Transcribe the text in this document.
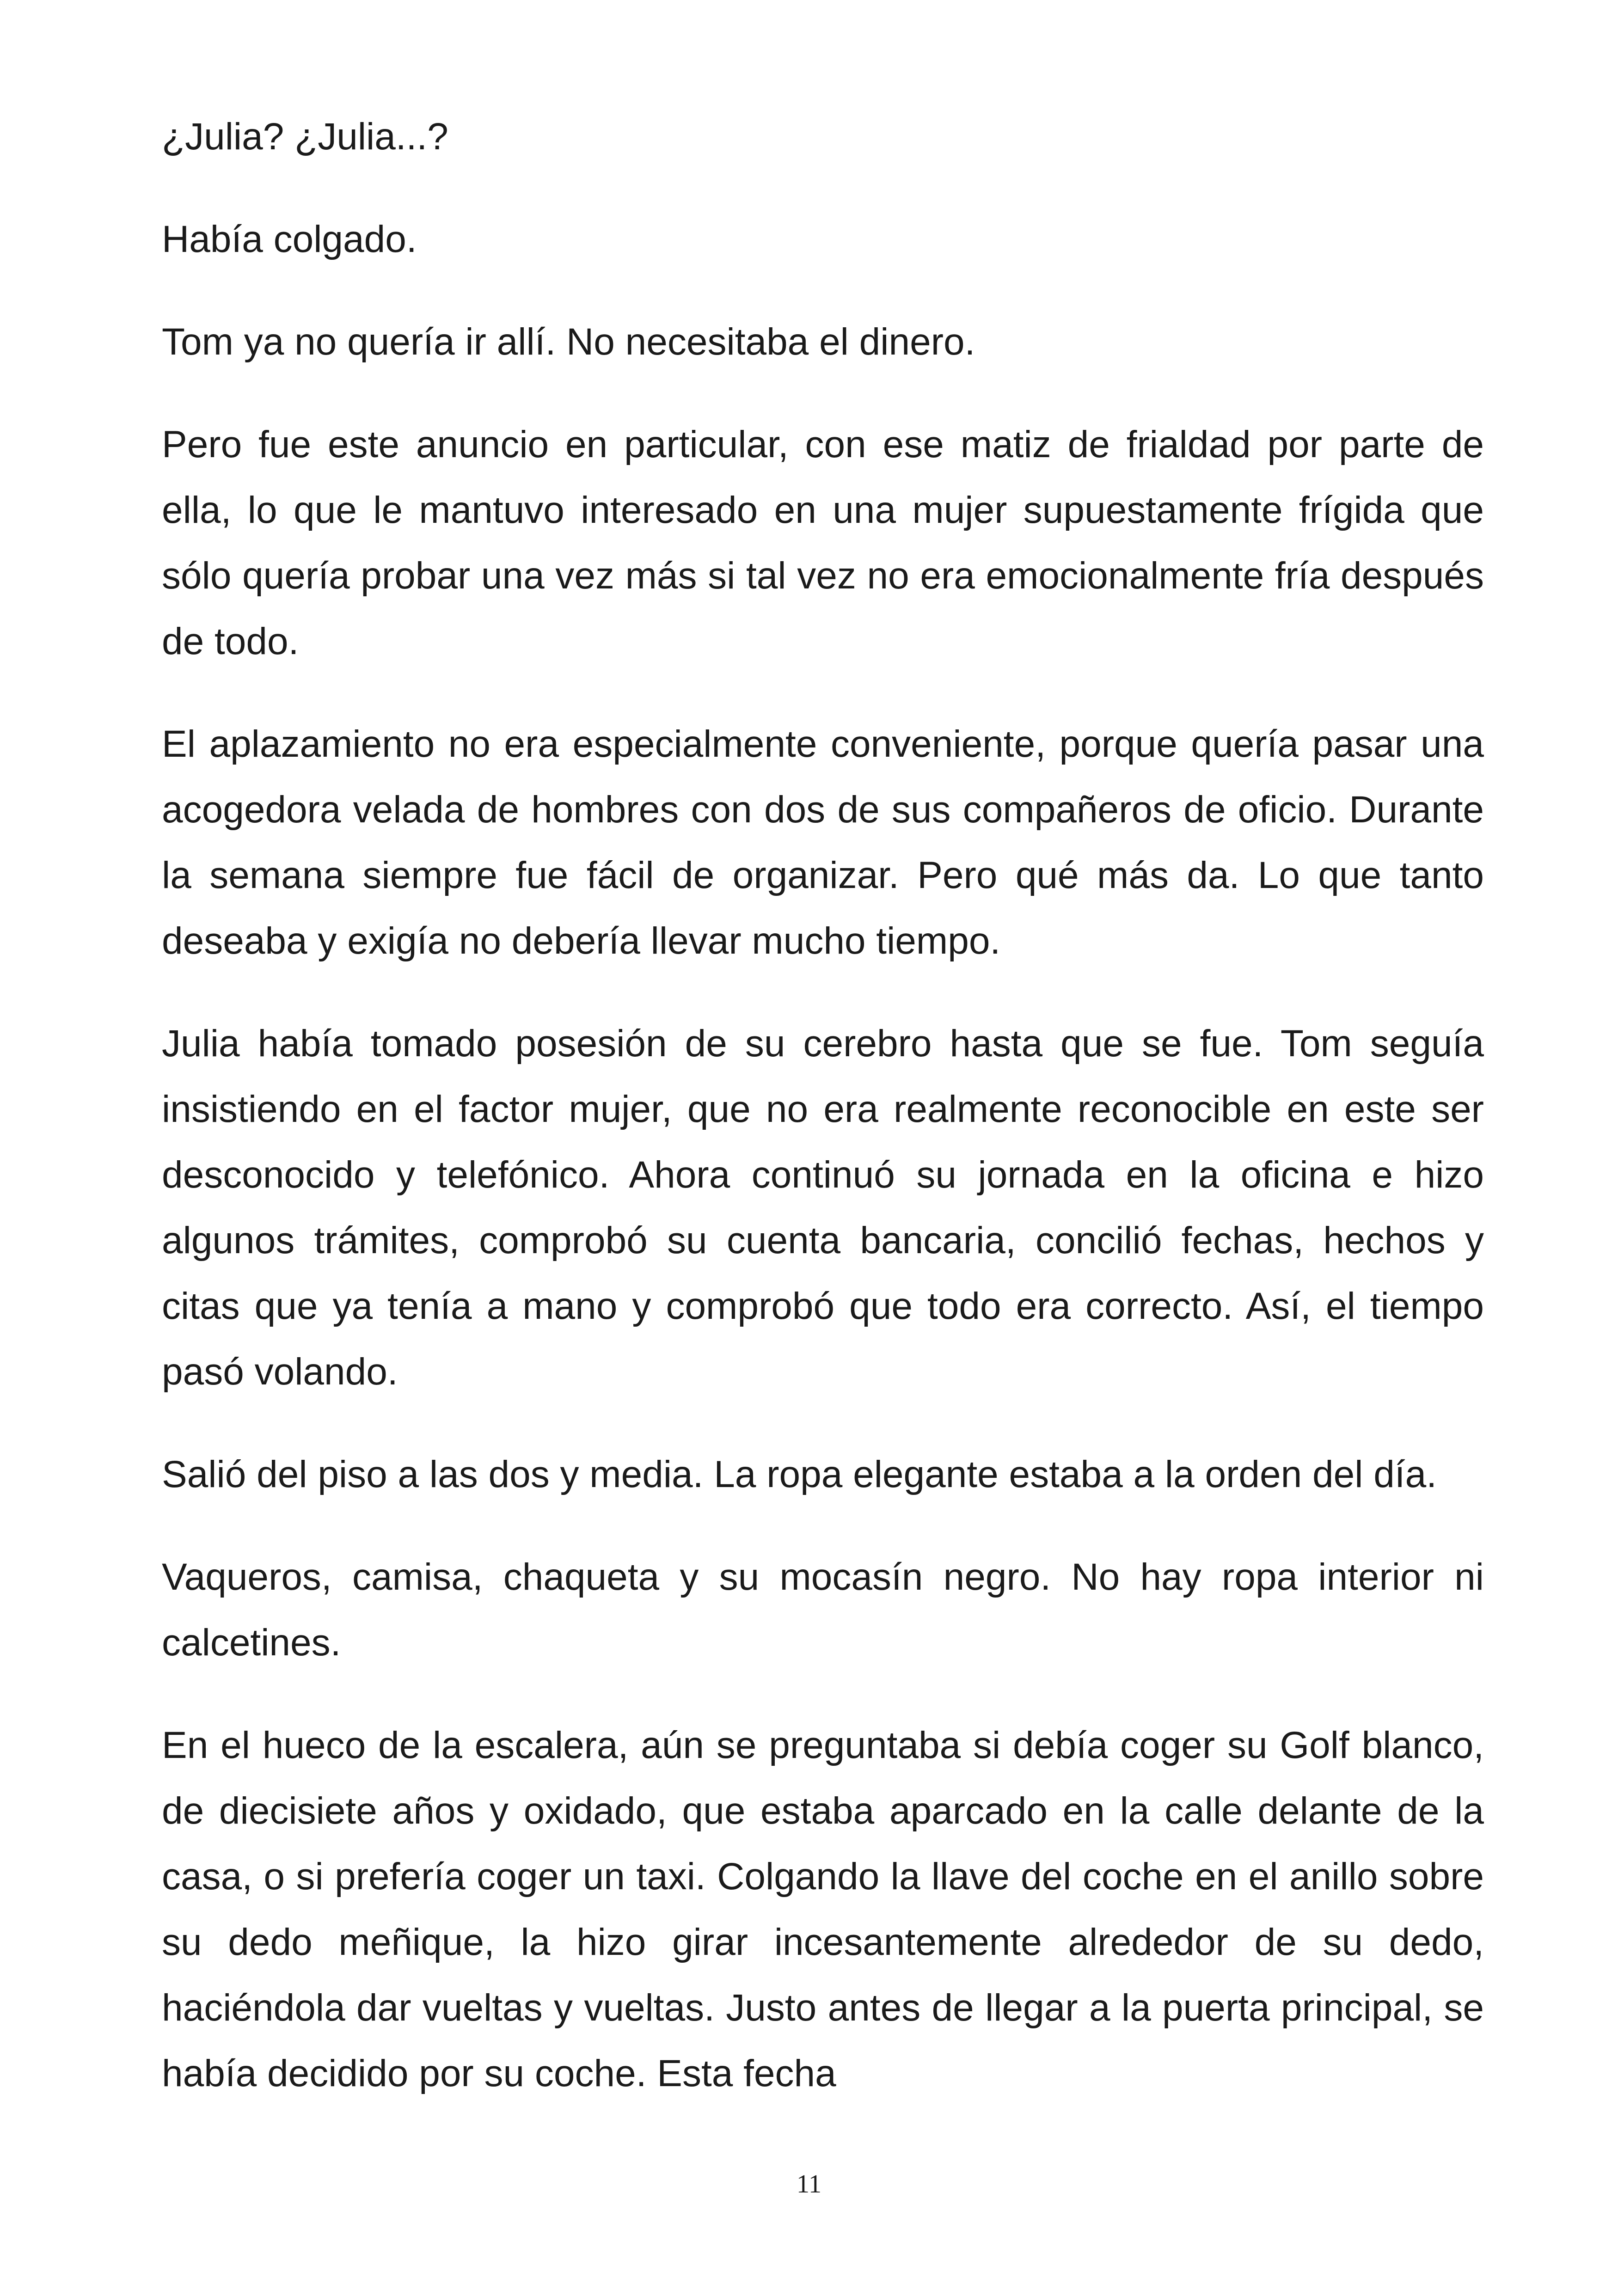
¿Julia? ¿Julia...?

Había colgado.

Tom ya no quería ir allí. No necesitaba el dinero.

Pero fue este anuncio en particular, con ese matiz de frialdad por parte de ella, lo que le mantuvo interesado en una mujer supuestamente frígida que sólo quería probar una vez más si tal vez no era emocionalmente fría después de todo.

El aplazamiento no era especialmente conveniente, porque quería pasar una acogedora velada de hombres con dos de sus compañeros de oficio. Durante la semana siempre fue fácil de organizar. Pero qué más da. Lo que tanto deseaba y exigía no debería llevar mucho tiempo.

Julia había tomado posesión de su cerebro hasta que se fue. Tom seguía insistiendo en el factor mujer, que no era realmente reconocible en este ser desconocido y telefónico. Ahora continuó su jornada en la oficina e hizo algunos trámites, comprobó su cuenta bancaria, concilió fechas, hechos y citas que ya tenía a mano y comprobó que todo era correcto. Así, el tiempo pasó volando.

Salió del piso a las dos y media. La ropa elegante estaba a la orden del día.

Vaqueros, camisa, chaqueta y su mocasín negro. No hay ropa interior ni calcetines.

En el hueco de la escalera, aún se preguntaba si debía coger su Golf blanco, de diecisiete años y oxidado, que estaba aparcado en la calle delante de la casa, o si prefería coger un taxi. Colgando la llave del coche en el anillo sobre su dedo meñique, la hizo girar incesantemente alrededor de su dedo, haciéndola dar vueltas y vueltas. Justo antes de llegar a la puerta principal, se había decidido por su coche. Esta fecha

11
